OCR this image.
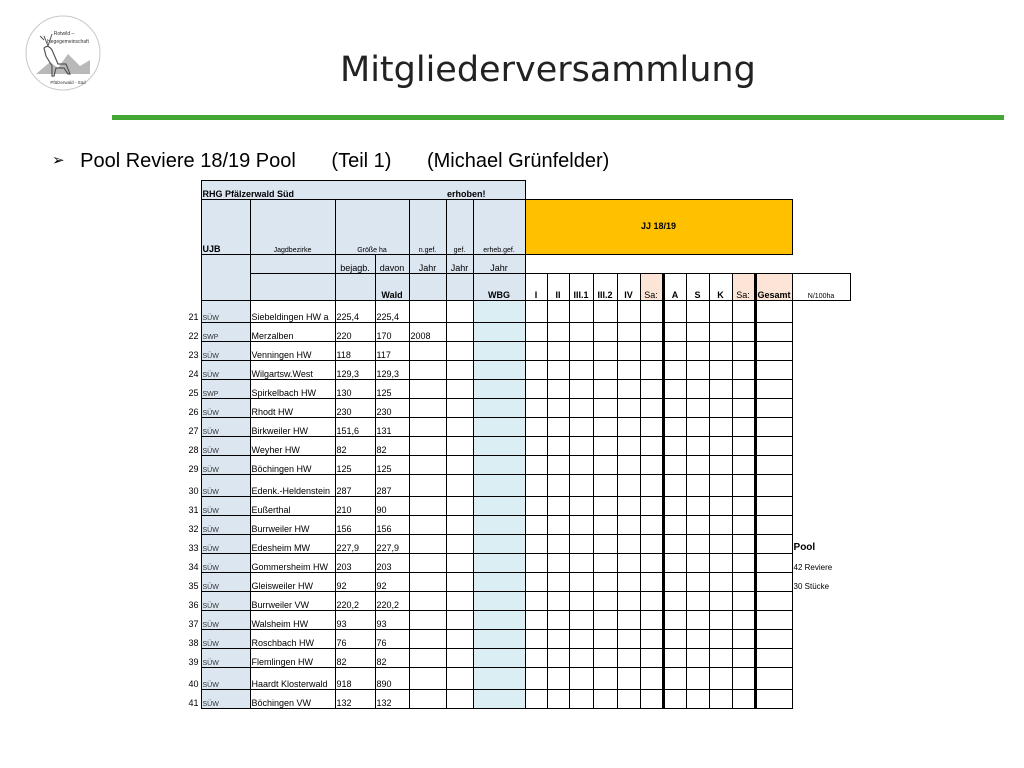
Rotwild –
Hegegemeinschaft
Pfälzerwald - Süd	Mitgliederversammlung
➢ Pool Reviere 18/19 Pool (Teil 1) (Michael Grünfelder)
	RHG Pfälzerwald Süd					erhoben!													
	UJB	Jagdbezirke	Größe ha		n.gef.	gef.	erheb.gef.	JJ 18/19											
			bejagb.	davon	Jahr	Jahr	Jahr												
				Wald			WBG	I	II	III.1	III.2	IV	Sa:	A	S	K	Sa:	Gesamt	N/100ha
21	SÜW	Siebeldingen HW a	225,4	225,4															
22	SWP	Merzalben	220	170	2008														
23	SÜW	Venningen HW	118	117															
24	SÜW	Wilgartsw.West	129,3	129,3															
25	SWP	Spirkelbach HW	130	125															
26	SÜW	Rhodt HW	230	230															
27	SÜW	Birkweiler HW	151,6	131															
28	SÜW	Weyher HW	82	82															
29	SÜW	Böchingen HW	125	125															
30	SÜW	Edenk.-Heldenstein	287	287															
31	SÜW	Eußerthal	210	90															
32	SÜW	Burrweiler HW	156	156															
33	SÜW	Edesheim MW	227,9	227,9															Pool
34	SÜW	Gommersheim HW	203	203															42 Reviere
35	SÜW	Gleisweiler HW	92	92															30 Stücke
36	SÜW	Burrweiler VW	220,2	220,2															
37	SÜW	Walsheim HW	93	93															
38	SÜW	Roschbach HW	76	76															
39	SÜW	Flemlingen HW	82	82															
40	SÜW	Haardt Klosterwald	918	890															
41	SÜW	Böchingen VW	132	132															
